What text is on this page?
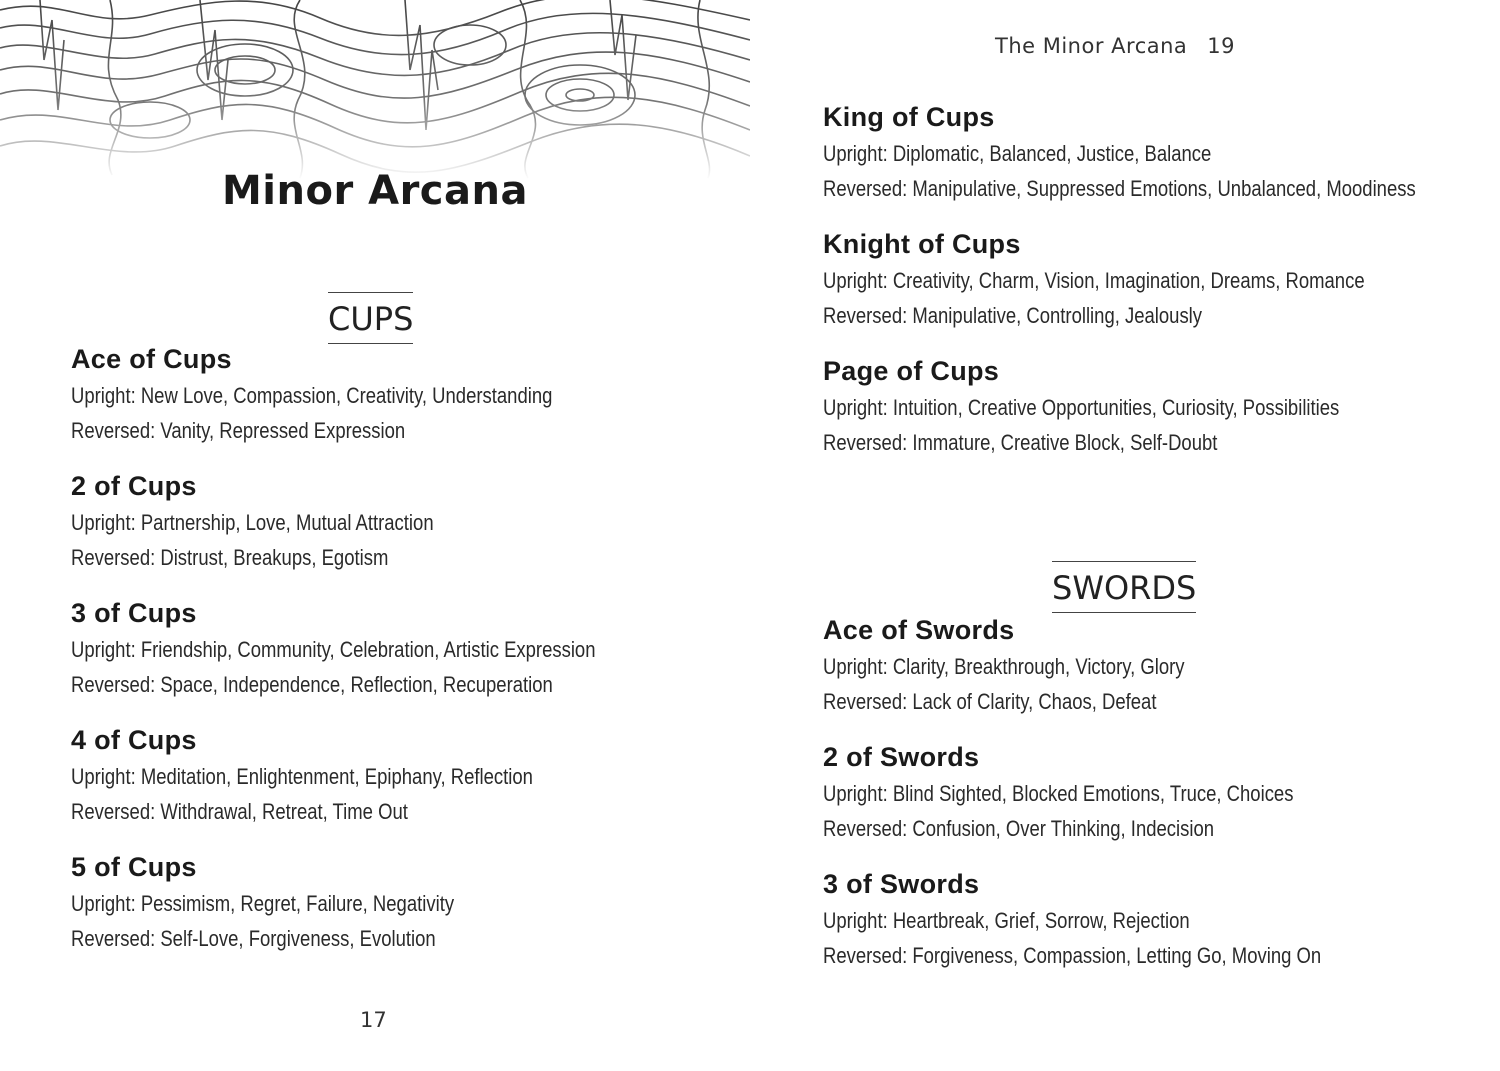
Minor Arcana
CUPS
Ace of Cups
Upright: New Love, Compassion, Creativity, Understanding
Reversed: Vanity, Repressed Expression
2 of Cups
Upright: Partnership, Love, Mutual Attraction
Reversed: Distrust, Breakups, Egotism
3 of Cups
Upright: Friendship, Community, Celebration, Artistic Expression
Reversed: Space, Independence, Reflection, Recuperation
4 of Cups
Upright: Meditation, Enlightenment, Epiphany, Reflection
Reversed: Withdrawal, Retreat, Time Out
5 of Cups
Upright: Pessimism, Regret, Failure, Negativity
Reversed: Self-Love, Forgiveness, Evolution
17
The Minor Arcana 19
King of Cups
Upright: Diplomatic, Balanced, Justice, Balance
Reversed: Manipulative, Suppressed Emotions, Unbalanced, Moodiness
Knight of Cups
Upright: Creativity, Charm, Vision, Imagination, Dreams, Romance
Reversed: Manipulative, Controlling, Jealously
Page of Cups
Upright: Intuition, Creative Opportunities, Curiosity, Possibilities
Reversed: Immature, Creative Block, Self-Doubt
SWORDS
Ace of Swords
Upright: Clarity, Breakthrough, Victory, Glory
Reversed: Lack of Clarity, Chaos, Defeat
2 of Swords
Upright: Blind Sighted, Blocked Emotions, Truce, Choices
Reversed: Confusion, Over Thinking, Indecision
3 of Swords
Upright: Heartbreak, Grief, Sorrow, Rejection
Reversed: Forgiveness, Compassion, Letting Go, Moving On
